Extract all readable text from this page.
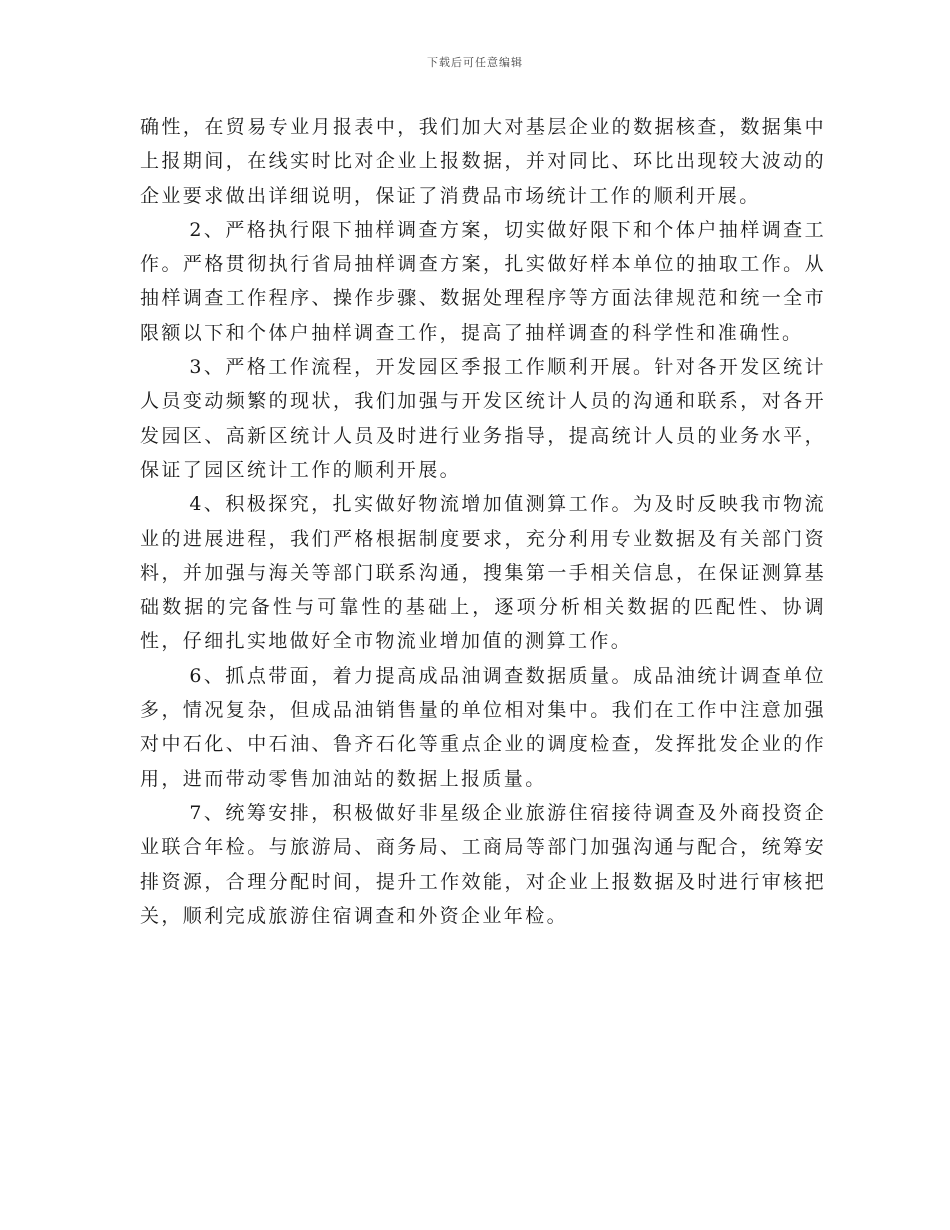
下载后可任意编辑

确性，在贸易专业月报表中，我们加大对基层企业的数据核查，数据集中上报期间，在线实时比对企业上报数据，并对同比、环比出现较大波动的企业要求做出详细说明，保证了消费品市场统计工作的顺利开展。

2、严格执行限下抽样调查方案，切实做好限下和个体户抽样调查工作。严格贯彻执行省局抽样调查方案，扎实做好样本单位的抽取工作。从抽样调查工作程序、操作步骤、数据处理程序等方面法律规范和统一全市限额以下和个体户抽样调查工作，提高了抽样调查的科学性和准确性。

3、严格工作流程，开发园区季报工作顺利开展。针对各开发区统计人员变动频繁的现状，我们加强与开发区统计人员的沟通和联系，对各开发园区、高新区统计人员及时进行业务指导，提高统计人员的业务水平，保证了园区统计工作的顺利开展。

4、积极探究，扎实做好物流增加值测算工作。为及时反映我市物流业的进展进程，我们严格根据制度要求，充分利用专业数据及有关部门资料，并加强与海关等部门联系沟通，搜集第一手相关信息，在保证测算基础数据的完备性与可靠性的基础上，逐项分析相关数据的匹配性、协调性，仔细扎实地做好全市物流业增加值的测算工作。

6、抓点带面，着力提高成品油调查数据质量。成品油统计调查单位多，情况复杂，但成品油销售量的单位相对集中。我们在工作中注意加强对中石化、中石油、鲁齐石化等重点企业的调度检查，发挥批发企业的作用，进而带动零售加油站的数据上报质量。

7、统筹安排，积极做好非星级企业旅游住宿接待调查及外商投资企业联合年检。与旅游局、商务局、工商局等部门加强沟通与配合，统筹安排资源，合理分配时间，提升工作效能，对企业上报数据及时进行审核把关，顺利完成旅游住宿调查和外资企业年检。
